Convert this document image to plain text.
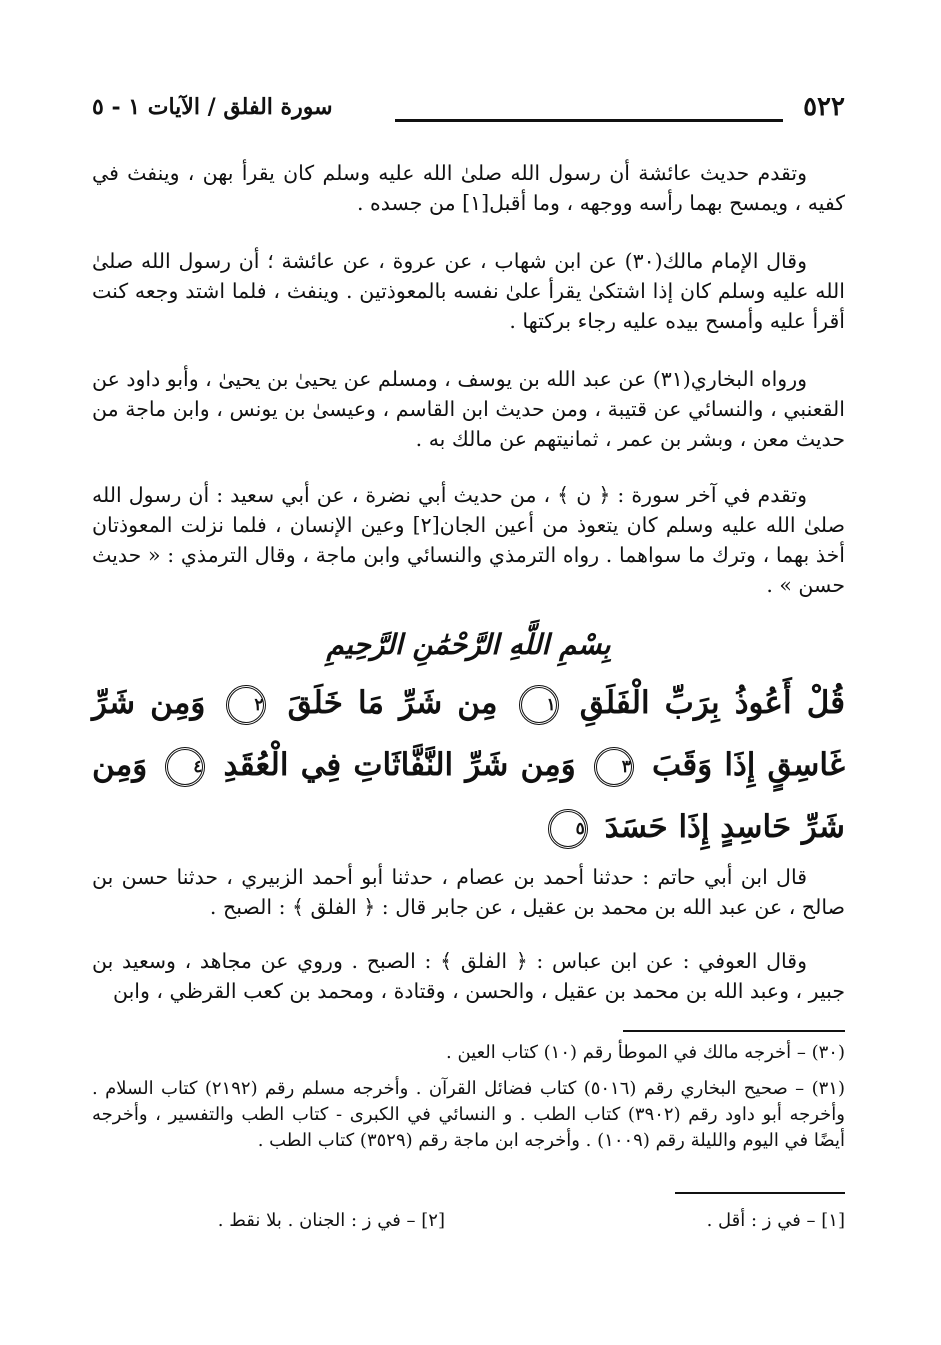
٥٢٢
سورة الفلق / الآيات ١ - ٥

وتقدم حديث عائشة أن رسول الله صلىٰ الله عليه وسلم كان يقرأ بهن ، وينفث في كفيه ، ويمسح بهما رأسه ووجهه ، وما أقبل[١] من جسده .

وقال الإمام مالك(٣٠) عن ابن شهاب ، عن عروة ، عن عائشة ؛ أن رسول الله صلىٰ الله عليه وسلم كان إذا اشتكىٰ يقرأ علىٰ نفسه بالمعوذتين . وينفث ، فلما اشتد وجعه كنت أقرأ عليه وأمسح بيده عليه رجاء بركتها .

ورواه البخاري(٣١) عن عبد الله بن يوسف ، ومسلم عن يحيىٰ بن يحيىٰ ، وأبو داود عن القعنبي ، والنسائي عن قتيبة ، ومن حديث ابن القاسم ، وعيسىٰ بن يونس ، وابن ماجة من حديث معن ، وبشر بن عمر ، ثمانيتهم عن مالك به .

وتقدم في آخر سورة : ﴿ ن ﴾ ، من حديث أبي نضرة ، عن أبي سعيد : أن رسول الله صلىٰ الله عليه وسلم كان يتعوذ من أعين الجان[٢] وعين الإنسان ، فلما نزلت المعوذتان أخذ بهما ، وترك ما سواهما . رواه الترمذي والنسائي وابن ماجة ، وقال الترمذي : « حديث حسن » .

بِسْمِ اللَّهِ الرَّحْمَٰنِ الرَّحِيمِ
قُلْ أَعُوذُ بِرَبِّ الْفَلَقِ ١ مِن شَرِّ مَا خَلَقَ ٢ وَمِن شَرِّ غَاسِقٍ إِذَا وَقَبَ ٣ وَمِن شَرِّ النَّفَّاثَاتِ فِي الْعُقَدِ ٤ وَمِن شَرِّ حَاسِدٍ إِذَا حَسَدَ ٥

قال ابن أبي حاتم : حدثنا أحمد بن عصام ، حدثنا أبو أحمد الزبيري ، حدثنا حسن بن صالح ، عن عبد الله بن محمد بن عقيل ، عن جابر قال : ﴿ الفلق ﴾ : الصبح .

وقال العوفي : عن ابن عباس : ﴿ الفلق ﴾ : الصبح . وروي عن مجاهد ، وسعيد بن جبير ، وعبد الله بن محمد بن عقيل ، والحسن ، وقتادة ، ومحمد بن كعب القرظي ، وابن

(٣٠) – أخرجه مالك في الموطأ رقم (١٠) كتاب العين .
(٣١) – صحيح البخاري رقم (٥٠١٦) كتاب فضائل القرآن . وأخرجه مسلم رقم (٢١٩٢) كتاب السلام . وأخرجه أبو داود رقم (٣٩٠٢) كتاب الطب . و النسائي في الكبرى - كتاب الطب والتفسير ، وأخرجه أيضًا في اليوم والليلة رقم (١٠٠٩) . وأخرجه ابن ماجة رقم (٣٥٢٩) كتاب الطب .
[١] – في ز : أقل .
[٢] – في ز : الجنان . بلا نقط .
